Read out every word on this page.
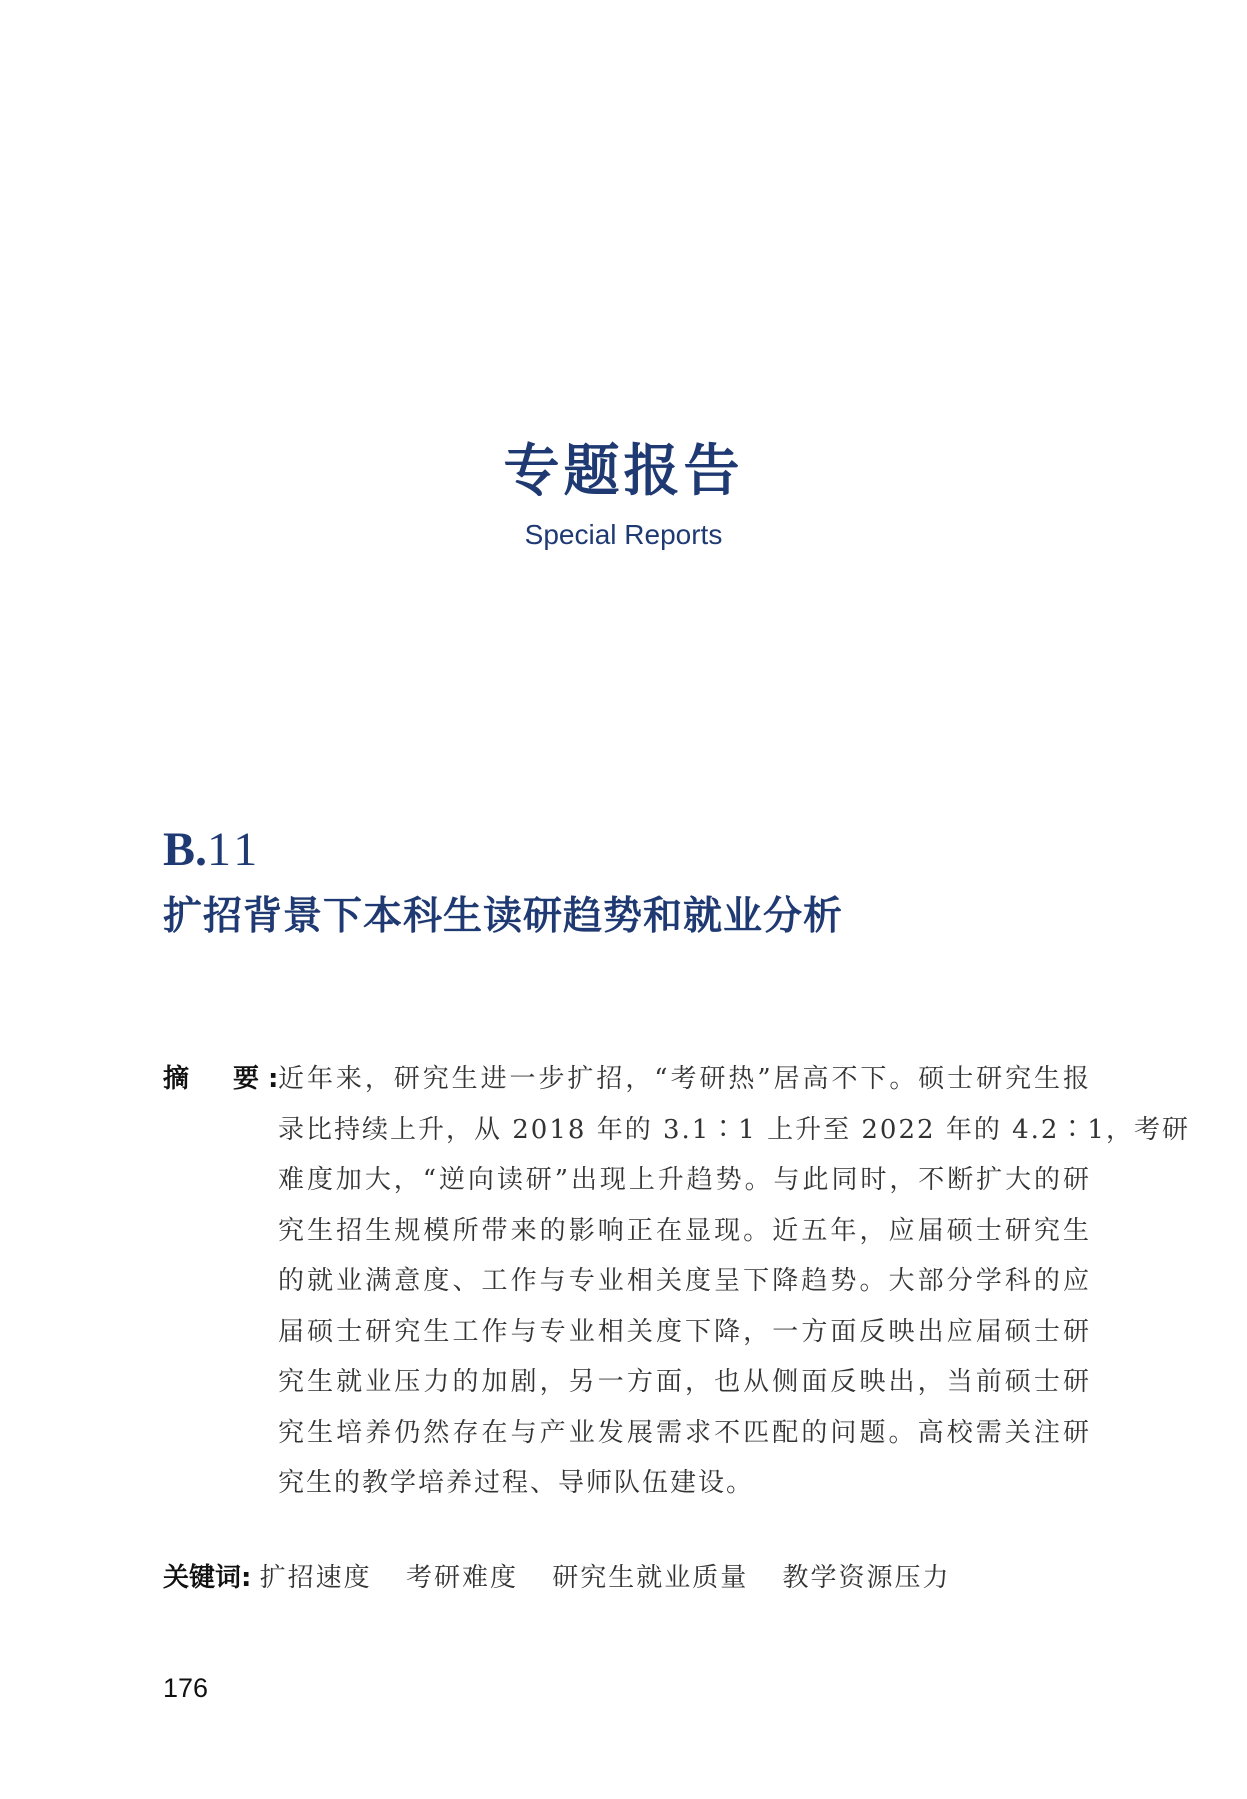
专题报告
Special Reports
B.11
扩招背景下本科生读研趋势和就业分析
摘　要:
近年来，研究生进一步扩招，“考研热”居高不下。硕士研究生报
录比持续上升，从 2018 年的 3.1∶1 上升至 2022 年的 4.2∶1，考研
难度加大，“逆向读研”出现上升趋势。与此同时，不断扩大的研
究生招生规模所带来的影响正在显现。近五年，应届硕士研究生
的就业满意度、工作与专业相关度呈下降趋势。大部分学科的应
届硕士研究生工作与专业相关度下降，一方面反映出应届硕士研
究生就业压力的加剧，另一方面，也从侧面反映出，当前硕士研
究生培养仍然存在与产业发展需求不匹配的问题。高校需关注研
究生的教学培养过程、导师队伍建设。
关键词: 扩招速度 考研难度 研究生就业质量 教学资源压力
176
